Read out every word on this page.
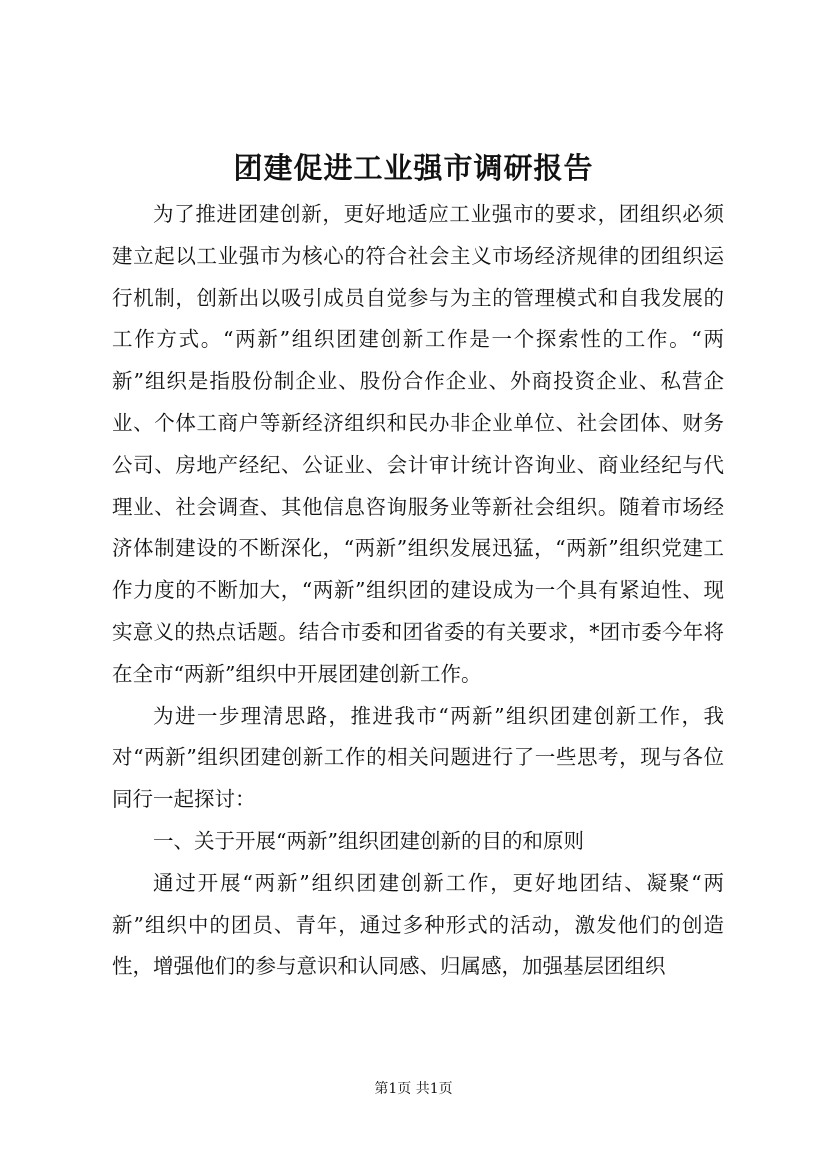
团建促进工业强市调研报告

为了推进团建创新，更好地适应工业强市的要求，团组织必须建立起以工业强市为核心的符合社会主义市场经济规律的团组织运行机制，创新出以吸引成员自觉参与为主的管理模式和自我发展的工作方式。“两新”组织团建创新工作是一个探索性的工作。“两新”组织是指股份制企业、股份合作企业、外商投资企业、私营企业、个体工商户等新经济组织和民办非企业单位、社会团体、财务公司、房地产经纪、公证业、会计审计统计咨询业、商业经纪与代理业、社会调查、其他信息咨询服务业等新社会组织。随着市场经济体制建设的不断深化，“两新”组织发展迅猛，“两新”组织党建工作力度的不断加大，“两新”组织团的建设成为一个具有紧迫性、现实意义的热点话题。结合市委和团省委的有关要求，*团市委今年将在全市“两新”组织中开展团建创新工作。

为进一步理清思路，推进我市“两新”组织团建创新工作，我对“两新”组织团建创新工作的相关问题进行了一些思考，现与各位同行一起探讨：

一、关于开展“两新”组织团建创新的目的和原则

通过开展“两新”组织团建创新工作，更好地团结、凝聚“两新”组织中的团员、青年，通过多种形式的活动，激发他们的创造性，增强他们的参与意识和认同感、归属感，加强基层团组织

第1页 共1页
